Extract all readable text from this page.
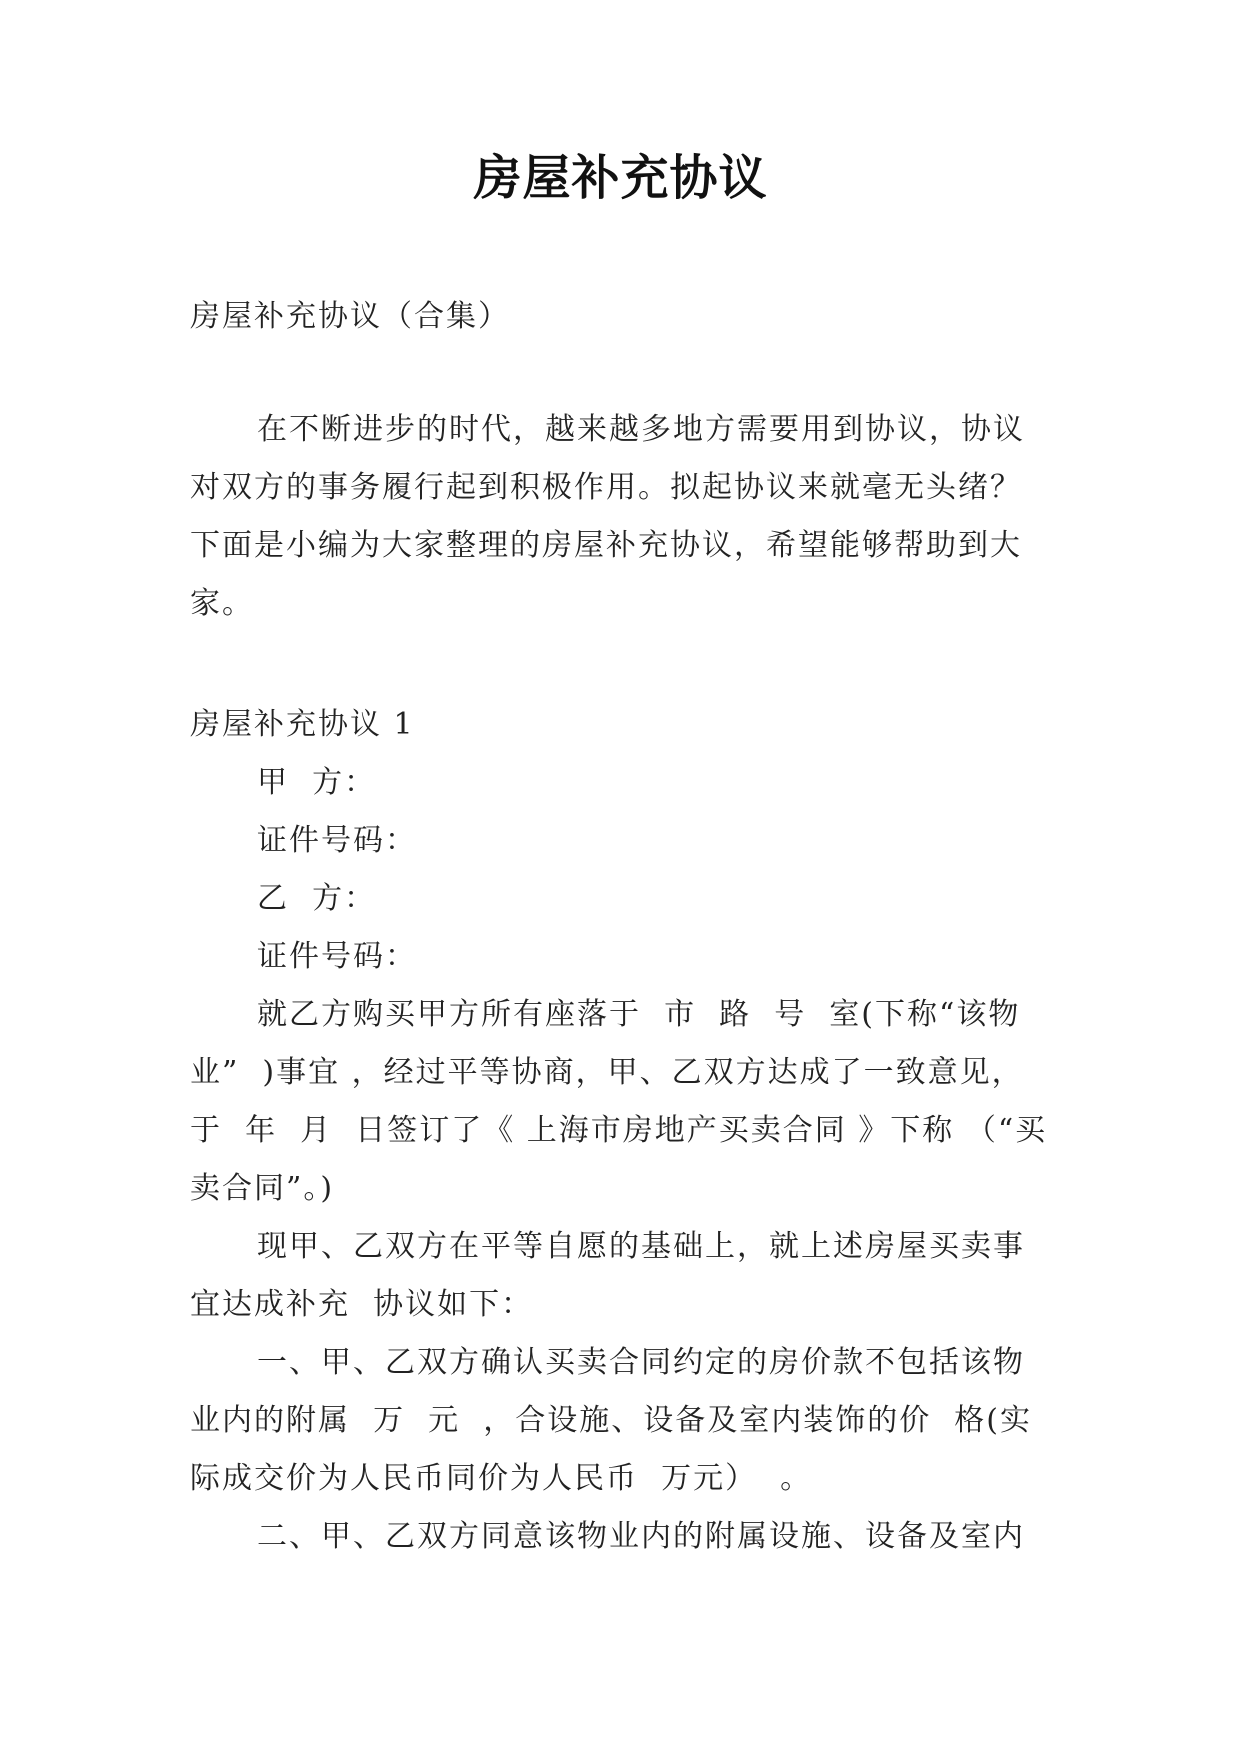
房屋补充协议
房屋补充协议（合集）
在不断进步的时代，越来越多地方需要用到协议，协议
对双方的事务履行起到积极作用。拟起协议来就毫无头绪？
下面是小编为大家整理的房屋补充协议，希望能够帮助到大
家。
房屋补充协议 1
甲  方：
证件号码：
乙  方：
证件号码：
就乙方购买甲方所有座落于  市  路  号  室(下称“该物
业”  )事宜 ，经过平等协商，甲、乙双方达成了一致意见，
于  年  月  日签订了《 上海市房地产买卖合同 》下称 （“买
卖合同”。)
现甲、乙双方在平等自愿的基础上，就上述房屋买卖事
宜达成补充  协议如下：
一、甲、乙双方确认买卖合同约定的房价款不包括该物
业内的附属  万  元  ，合设施、设备及室内装饰的价  格(实
际成交价为人民币同价为人民币  万元）  。
二、甲、乙双方同意该物业内的附属设施、设备及室内
